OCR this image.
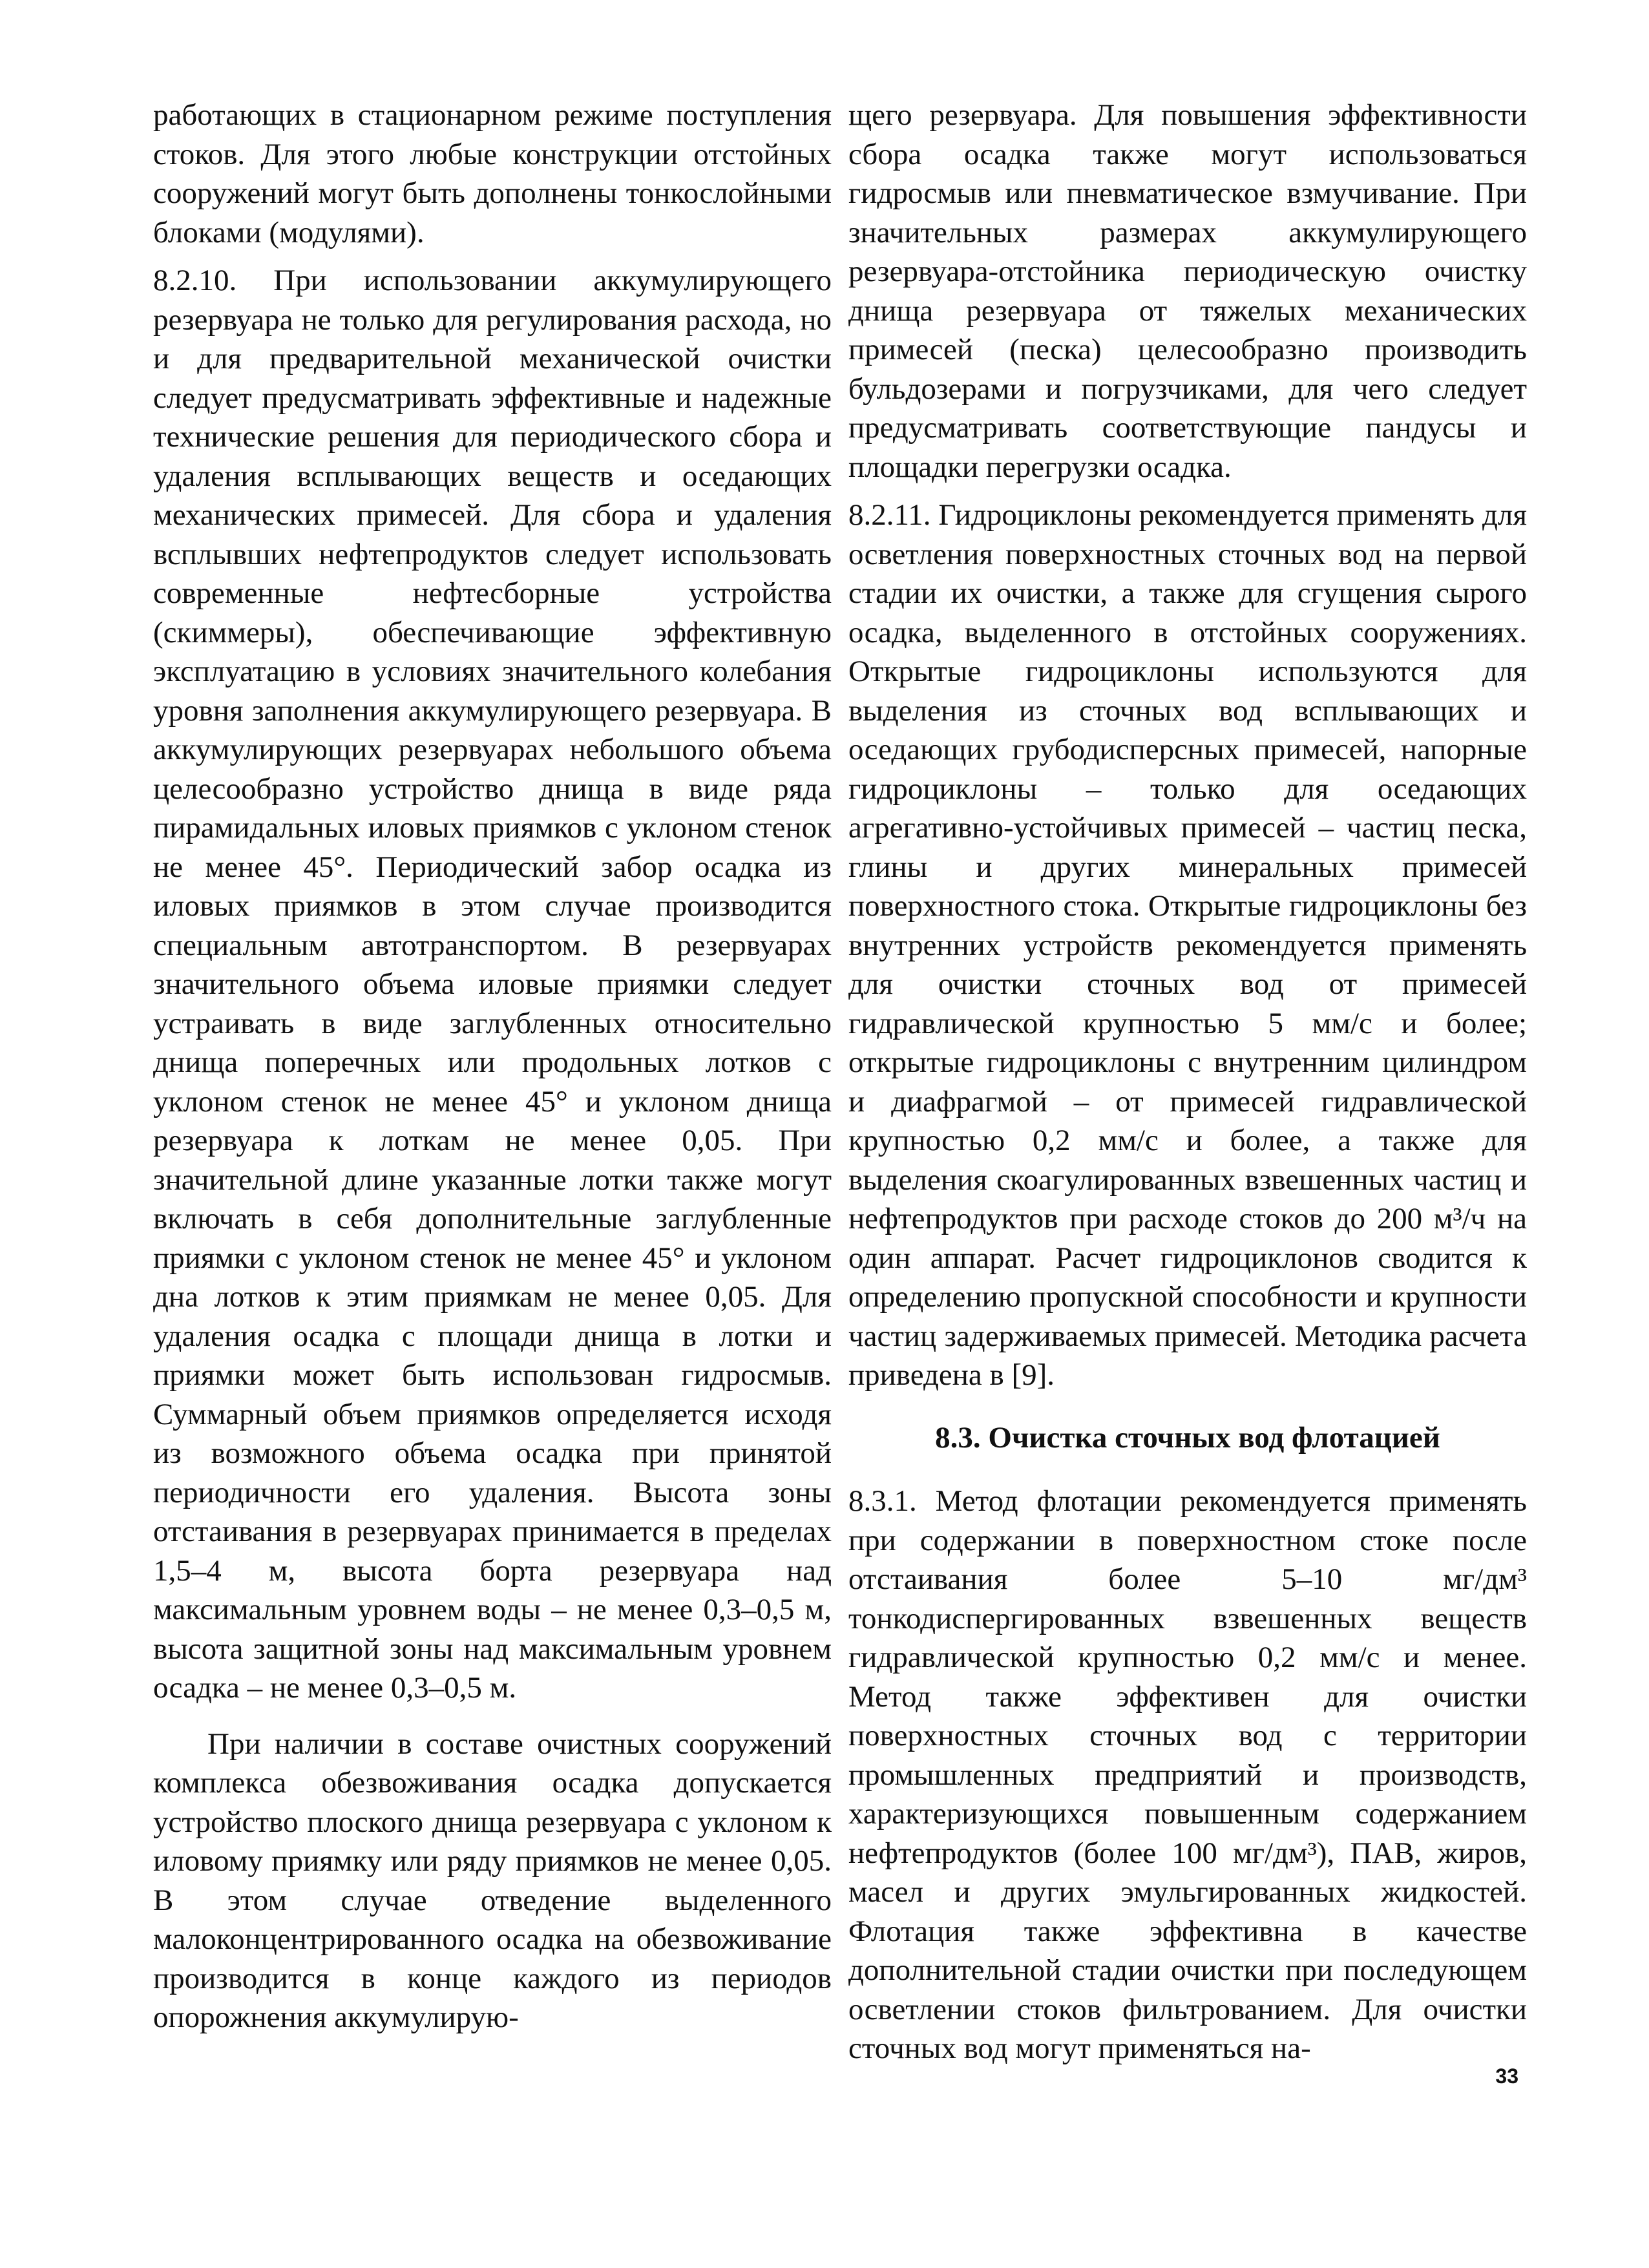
работающих в стационарном режиме поступления стоков. Для этого любые конструкции отстойных сооружений могут быть дополнены тонкослойными блоками (модулями).

8.2.10. При использовании аккумулирующего резервуара не только для регулирования расхода, но и для предварительной механической очистки следует предусматривать эффективные и надежные технические решения для периодического сбора и удаления всплывающих веществ и оседающих механических примесей. Для сбора и удаления всплывших нефтепродуктов следует использовать современные нефтесборные устройства (скиммеры), обеспечивающие эффективную эксплуатацию в условиях значительного колебания уровня заполнения аккумулирующего резервуара. В аккумулирующих резервуарах небольшого объема целесообразно устройство днища в виде ряда пирамидальных иловых приямков с уклоном стенок не менее 45°. Периодический забор осадка из иловых приямков в этом случае производится специальным автотранспортом. В резервуарах значительного объема иловые приямки следует устраивать в виде заглубленных относительно днища поперечных или продольных лотков с уклоном стенок не менее 45° и уклоном днища резервуара к лоткам не менее 0,05. При значительной длине указанные лотки также могут включать в себя дополнительные заглубленные приямки с уклоном стенок не менее 45° и уклоном дна лотков к этим приямкам не менее 0,05. Для удаления осадка с площади днища в лотки и приямки может быть использован гидросмыв. Суммарный объем приямков определяется исходя из возможного объема осадка при принятой периодичности его удаления. Высота зоны отстаивания в резервуарах принимается в пределах 1,5–4 м, высота борта резервуара над максимальным уровнем воды – не менее 0,3–0,5 м, высота защитной зоны над максимальным уровнем осадка – не менее 0,3–0,5 м.

При наличии в составе очистных сооружений комплекса обезвоживания осадка допускается устройство плоского днища резервуара с уклоном к иловому приямку или ряду приямков не менее 0,05. В этом случае отведение выделенного малоконцентрированного осадка на обезвоживание производится в конце каждого из периодов опорожнения аккумулирую-

щего резервуара. Для повышения эффективности сбора осадка также могут использоваться гидросмыв или пневматическое взмучивание. При значительных размерах аккумулирующего резервуара-отстойника периодическую очистку днища резервуара от тяжелых механических примесей (песка) целесообразно производить бульдозерами и погрузчиками, для чего следует предусматривать соответствующие пандусы и площадки перегрузки осадка.

8.2.11. Гидроциклоны рекомендуется применять для осветления поверхностных сточных вод на первой стадии их очистки, а также для сгущения сырого осадка, выделенного в отстойных сооружениях. Открытые гидроциклоны используются для выделения из сточных вод всплывающих и оседающих грубодисперсных примесей, напорные гидроциклоны – только для оседающих агрегативно-устойчивых примесей – частиц песка, глины и других минеральных примесей поверхностного стока. Открытые гидроциклоны без внутренних устройств рекомендуется применять для очистки сточных вод от примесей гидравлической крупностью 5 мм/с и более; открытые гидроциклоны с внутренним цилиндром и диафрагмой – от примесей гидравлической крупностью 0,2 мм/с и более, а также для выделения скоагулированных взвешенных частиц и нефтепродуктов при расходе стоков до 200 м³/ч на один аппарат. Расчет гидроциклонов сводится к определению пропускной способности и крупности частиц задерживаемых примесей. Методика расчета приведена в [9].

8.3. Очистка сточных вод флотацией

8.3.1. Метод флотации рекомендуется применять при содержании в поверхностном стоке после отстаивания более 5–10 мг/дм³ тонкодиспергированных взвешенных веществ гидравлической крупностью 0,2 мм/с и менее. Метод также эффективен для очистки поверхностных сточных вод с территории промышленных предприятий и производств, характеризующихся повышенным содержанием нефтепродуктов (более 100 мг/дм³), ПАВ, жиров, масел и других эмульгированных жидкостей. Флотация также эффективна в качестве дополнительной стадии очистки при последующем осветлении стоков фильтрованием. Для очистки сточных вод могут применяться на-

33
